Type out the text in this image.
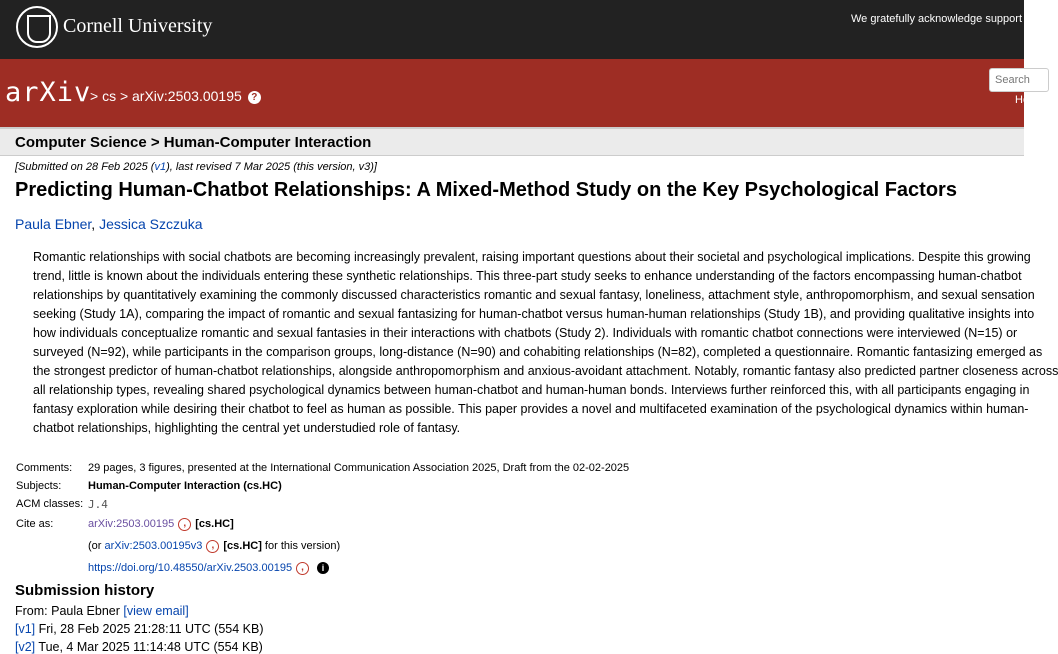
Cornell University	We gratefully acknowledge support f
arXiv
> cs > arXiv:2503.00195 ?
Search
He
Computer Science > Human-Computer Interaction
[Submitted on 28 Feb 2025 (v1), last revised 7 Mar 2025 (this version, v3)]
Predicting Human-Chatbot Relationships: A Mixed-Method Study on the Key Psychological Factors
Paula Ebner, Jessica Szczuka
Romantic relationships with social chatbots are becoming increasingly prevalent, raising important questions about their societal and psychological implications. Despite this growing
trend, little is known about the individuals entering these synthetic relationships. This three-part study seeks to enhance understanding of the factors encompassing human-chatbot
relationships by quantitatively examining the commonly discussed characteristics romantic and sexual fantasy, loneliness, attachment style, anthropomorphism, and sexual sensation
seeking (Study 1A), comparing the impact of romantic and sexual fantasizing for human-chatbot versus human-human relationships (Study 1B), and providing qualitative insights into
how individuals conceptualize romantic and sexual fantasies in their interactions with chatbots (Study 2). Individuals with romantic chatbot connections were interviewed (N=15) or
surveyed (N=92), while participants in the comparison groups, long-distance (N=90) and cohabiting relationships (N=82), completed a questionnaire. Romantic fantasizing emerged as
the strongest predictor of human-chatbot relationships, alongside anthropomorphism and anxious-avoidant attachment. Notably, romantic fantasy also predicted partner closeness across
all relationship types, revealing shared psychological dynamics between human-chatbot and human-human bonds. Interviews further reinforced this, with all participants engaging in
fantasy exploration while desiring their chatbot to feel as human as possible. This paper provides a novel and multifaceted examination of the psychological dynamics within human-
chatbot relationships, highlighting the central yet understudied role of fantasy.
Comments:	29 pages, 3 figures, presented at the International Communication Association 2025, Draft from the 02-02-2025
Subjects:	Human-Computer Interaction (cs.HC)
ACM classes: J.4
Cite as:	arXiv:2503.00195 , [cs.HC]
(or arXiv:2503.00195v3 , [cs.HC] for this version)
https://doi.org/10.48550/arXiv.2503.00195 , i
Submission history
From: Paula Ebner [view email]
[v1] Fri, 28 Feb 2025 21:28:11 UTC (554 KB)
[v2] Tue, 4 Mar 2025 11:14:48 UTC (554 KB)
